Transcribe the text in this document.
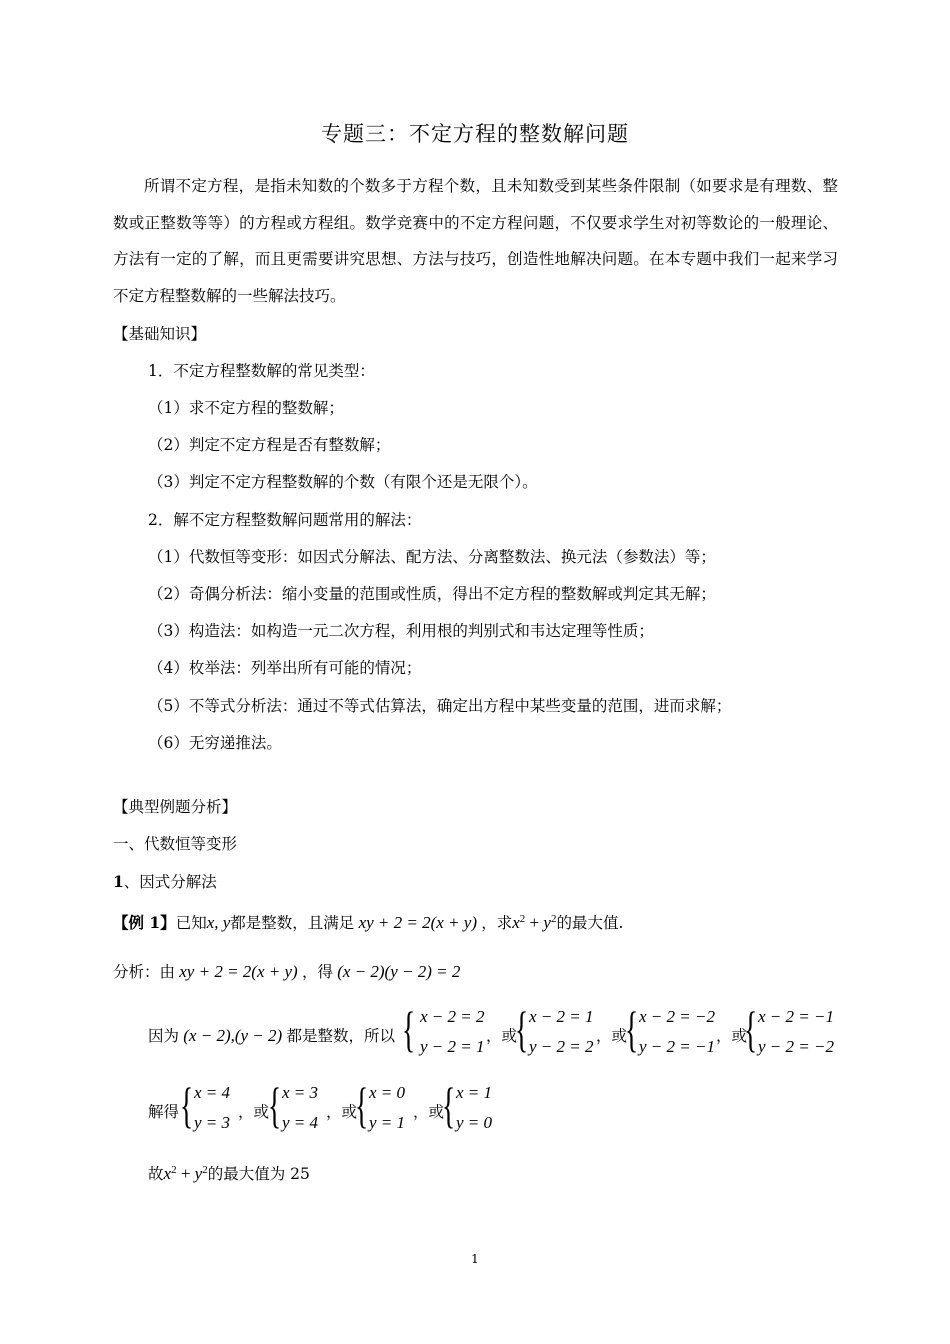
专题三：不定方程的整数解问题
所谓不定方程，是指未知数的个数多于方程个数，且未知数受到某些条件限制（如要求是有理数、整数或正整数等等）的方程或方程组。数学竞赛中的不定方程问题，不仅要求学生对初等数论的一般理论、方法有一定的了解，而且更需要讲究思想、方法与技巧，创造性地解决问题。在本专题中我们一起来学习不定方程整数解的一些解法技巧。
【基础知识】
1．不定方程整数解的常见类型：
（1）求不定方程的整数解；
（2）判定不定方程是否有整数解；
（3）判定不定方程整数解的个数（有限个还是无限个）。
2．解不定方程整数解问题常用的解法：
（1）代数恒等变形：如因式分解法、配方法、分离整数法、换元法（参数法）等；
（2）奇偶分析法：缩小变量的范围或性质，得出不定方程的整数解或判定其无解；
（3）构造法：如构造一元二次方程，利用根的判别式和韦达定理等性质；
（4）枚举法：列举出所有可能的情况；
（5）不等式分析法：通过不等式估算法，确定出方程中某些变量的范围，进而求解；
（6）无穷递推法。
【典型例题分析】
一、代数恒等变形
1、因式分解法
【例 1】已知x, y都是整数，且满足 xy + 2 = 2(x + y) ，求$x^2 + y^2$的最大值.
分析：由 xy + 2 = 2(x + y) ，得 (x − 2)(y − 2) = 2
因为 (x − 2),(y − 2) 都是整数，所以 { x − 2 = 2
y − 2 = 1
，或
{ x − 2 = 1
y − 2 = 2
，或
{ x − 2 = −2
y − 2 = −1
，或
{ x − 2 = −1
y − 2 = −2
解得 { x = 4
y = 3
，或
{ x = 3
y = 4
，或
{ x = 0
y = 1
，或
{ x = 1
y = 0
故$x^2 + y^2$的最大值为 25
1
